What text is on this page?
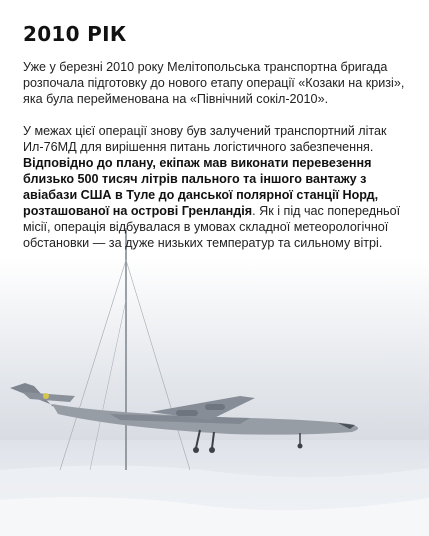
2010 РІК

Уже у березні 2010 року Мелітопольська транспортна бригада розпочала підготовку до нового етапу операції «Козаки на кризі», яка була перейменована на «Північний сокіл-2010».

У межах цієї операції знову був залучений транспортний літак Ил-76МД для вирішення питань логістичного забезпечення. Відповідно до плану, екіпаж мав виконати перевезення близько 500 тисяч літрів пального та іншого вантажу з авіабази США в Туле до данської полярної станції Норд, розташованої на острові Гренландія. Як і під час попередньої місії, операція відбувалася в умовах складної метеорологічної обстановки — за дуже низьких температур та сильному вітрі.
